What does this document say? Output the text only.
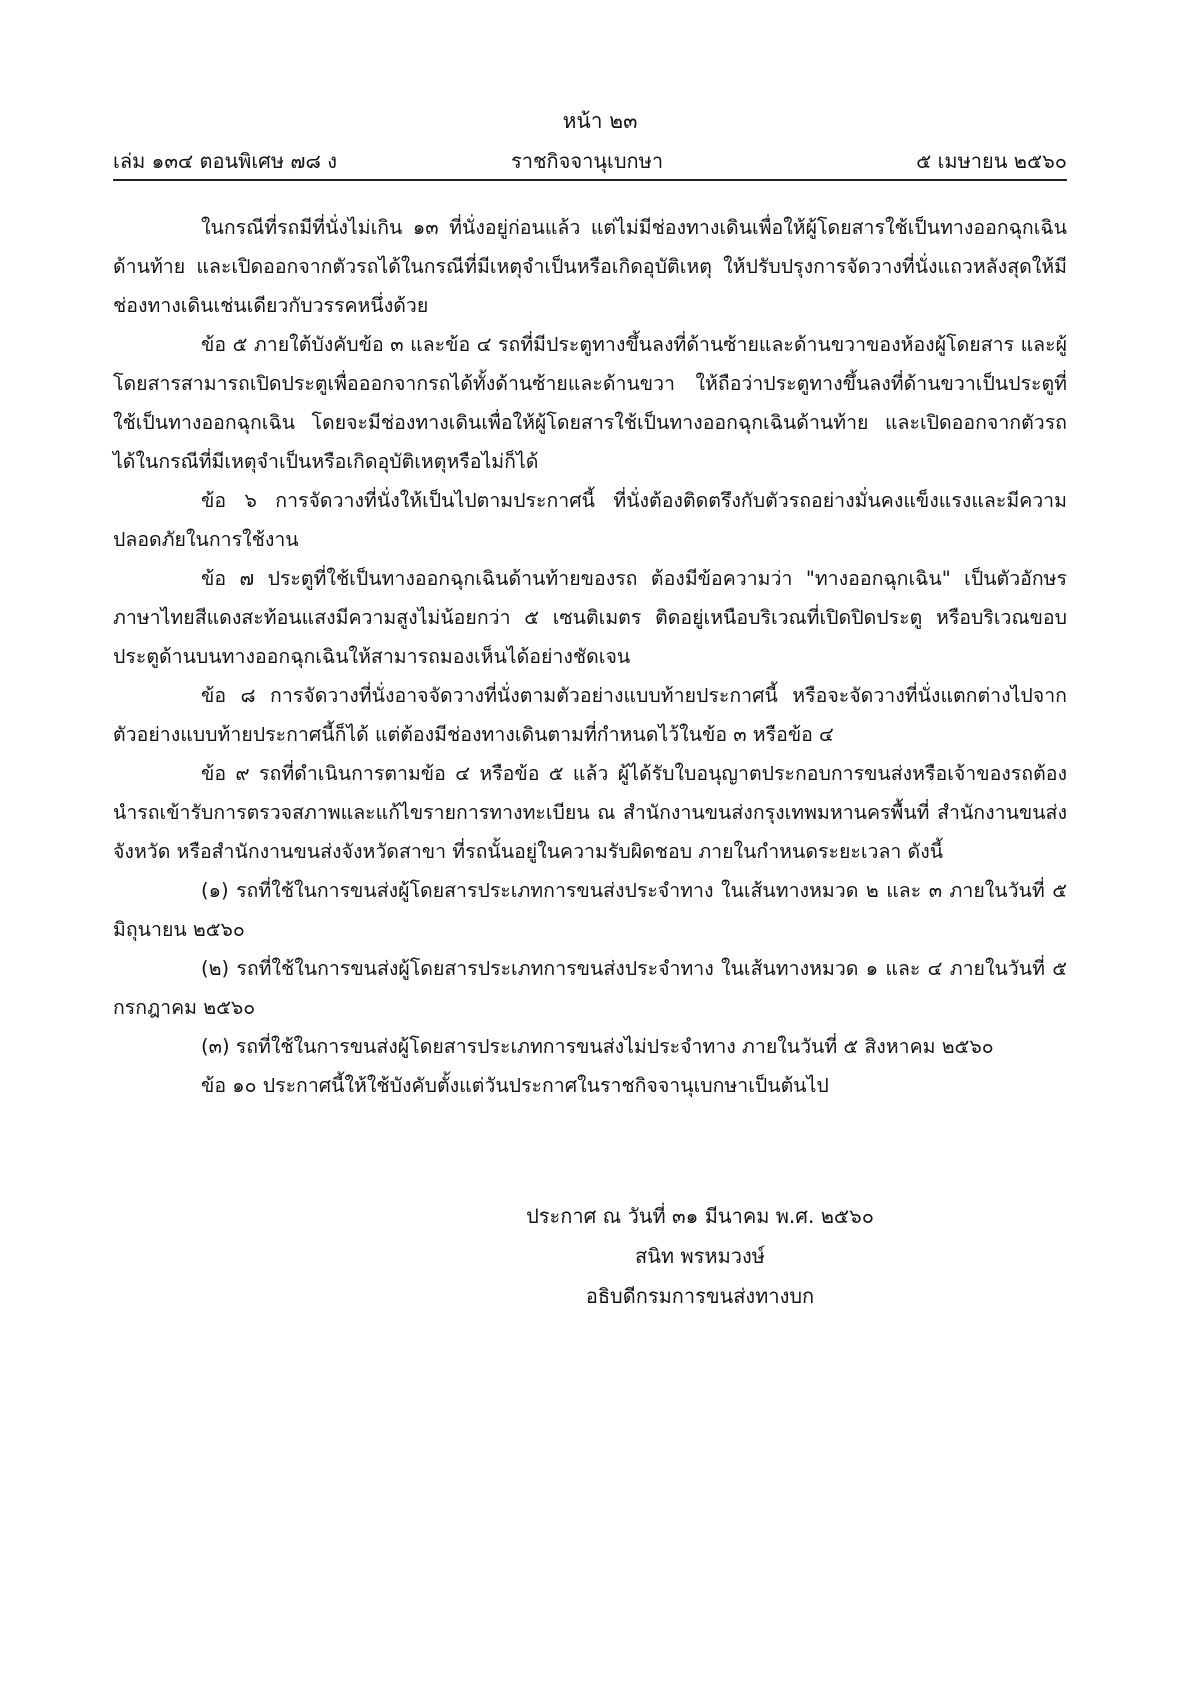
หน้า ๒๓
เล่ม ๑๓๔ ตอนพิเศษ ๗๘ ง	ราชกิจจานุเบกษา	๕ เมษายน ๒๕๖๐

ในกรณีที่รถมีที่นั่งไม่เกิน ๑๓ ที่นั่งอยู่ก่อนแล้ว แต่ไม่มีช่องทางเดินเพื่อให้ผู้โดยสารใช้เป็นทางออกฉุกเฉินด้านท้าย และเปิดออกจากตัวรถได้ในกรณีที่มีเหตุจำเป็นหรือเกิดอุบัติเหตุ ให้ปรับปรุงการจัดวางที่นั่งแถวหลังสุดให้มีช่องทางเดินเช่นเดียวกับวรรคหนึ่งด้วย

ข้อ ๕ ภายใต้บังคับข้อ ๓ และข้อ ๔ รถที่มีประตูทางขึ้นลงที่ด้านซ้ายและด้านขวาของห้องผู้โดยสาร และผู้โดยสารสามารถเปิดประตูเพื่อออกจากรถได้ทั้งด้านซ้ายและด้านขวา ให้ถือว่าประตูทางขึ้นลงที่ด้านขวาเป็นประตูที่ใช้เป็นทางออกฉุกเฉิน โดยจะมีช่องทางเดินเพื่อให้ผู้โดยสารใช้เป็นทางออกฉุกเฉินด้านท้าย และเปิดออกจากตัวรถได้ในกรณีที่มีเหตุจำเป็นหรือเกิดอุบัติเหตุหรือไม่ก็ได้

ข้อ ๖ การจัดวางที่นั่งให้เป็นไปตามประกาศนี้ ที่นั่งต้องติดตรึงกับตัวรถอย่างมั่นคงแข็งแรงและมีความปลอดภัยในการใช้งาน

ข้อ ๗ ประตูที่ใช้เป็นทางออกฉุกเฉินด้านท้ายของรถ ต้องมีข้อความว่า "ทางออกฉุกเฉิน" เป็นตัวอักษรภาษาไทยสีแดงสะท้อนแสงมีความสูงไม่น้อยกว่า ๕ เซนติเมตร ติดอยู่เหนือบริเวณที่เปิดปิดประตู หรือบริเวณขอบประตูด้านบนทางออกฉุกเฉินให้สามารถมองเห็นได้อย่างชัดเจน

ข้อ ๘ การจัดวางที่นั่งอาจจัดวางที่นั่งตามตัวอย่างแบบท้ายประกาศนี้ หรือจะจัดวางที่นั่งแตกต่างไปจากตัวอย่างแบบท้ายประกาศนี้ก็ได้ แต่ต้องมีช่องทางเดินตามที่กำหนดไว้ในข้อ ๓ หรือข้อ ๔

ข้อ ๙ รถที่ดำเนินการตามข้อ ๔ หรือข้อ ๕ แล้ว ผู้ได้รับใบอนุญาตประกอบการขนส่งหรือเจ้าของรถต้องนำรถเข้ารับการตรวจสภาพและแก้ไขรายการทางทะเบียน ณ สำนักงานขนส่งกรุงเทพมหานครพื้นที่ สำนักงานขนส่งจังหวัด หรือสำนักงานขนส่งจังหวัดสาขา ที่รถนั้นอยู่ในความรับผิดชอบ ภายในกำหนดระยะเวลา ดังนี้

(๑) รถที่ใช้ในการขนส่งผู้โดยสารประเภทการขนส่งประจำทาง ในเส้นทางหมวด ๒ และ ๓ ภายในวันที่ ๕ มิถุนายน ๒๕๖๐

(๒) รถที่ใช้ในการขนส่งผู้โดยสารประเภทการขนส่งประจำทาง ในเส้นทางหมวด ๑ และ ๔ ภายในวันที่ ๕ กรกฎาคม ๒๕๖๐

(๓) รถที่ใช้ในการขนส่งผู้โดยสารประเภทการขนส่งไม่ประจำทาง ภายในวันที่ ๕ สิงหาคม ๒๕๖๐

ข้อ ๑๐ ประกาศนี้ให้ใช้บังคับตั้งแต่วันประกาศในราชกิจจานุเบกษาเป็นต้นไป

ประกาศ ณ วันที่ ๓๑ มีนาคม พ.ศ. ๒๕๖๐
สนิท พรหมวงษ์
อธิบดีกรมการขนส่งทางบก
